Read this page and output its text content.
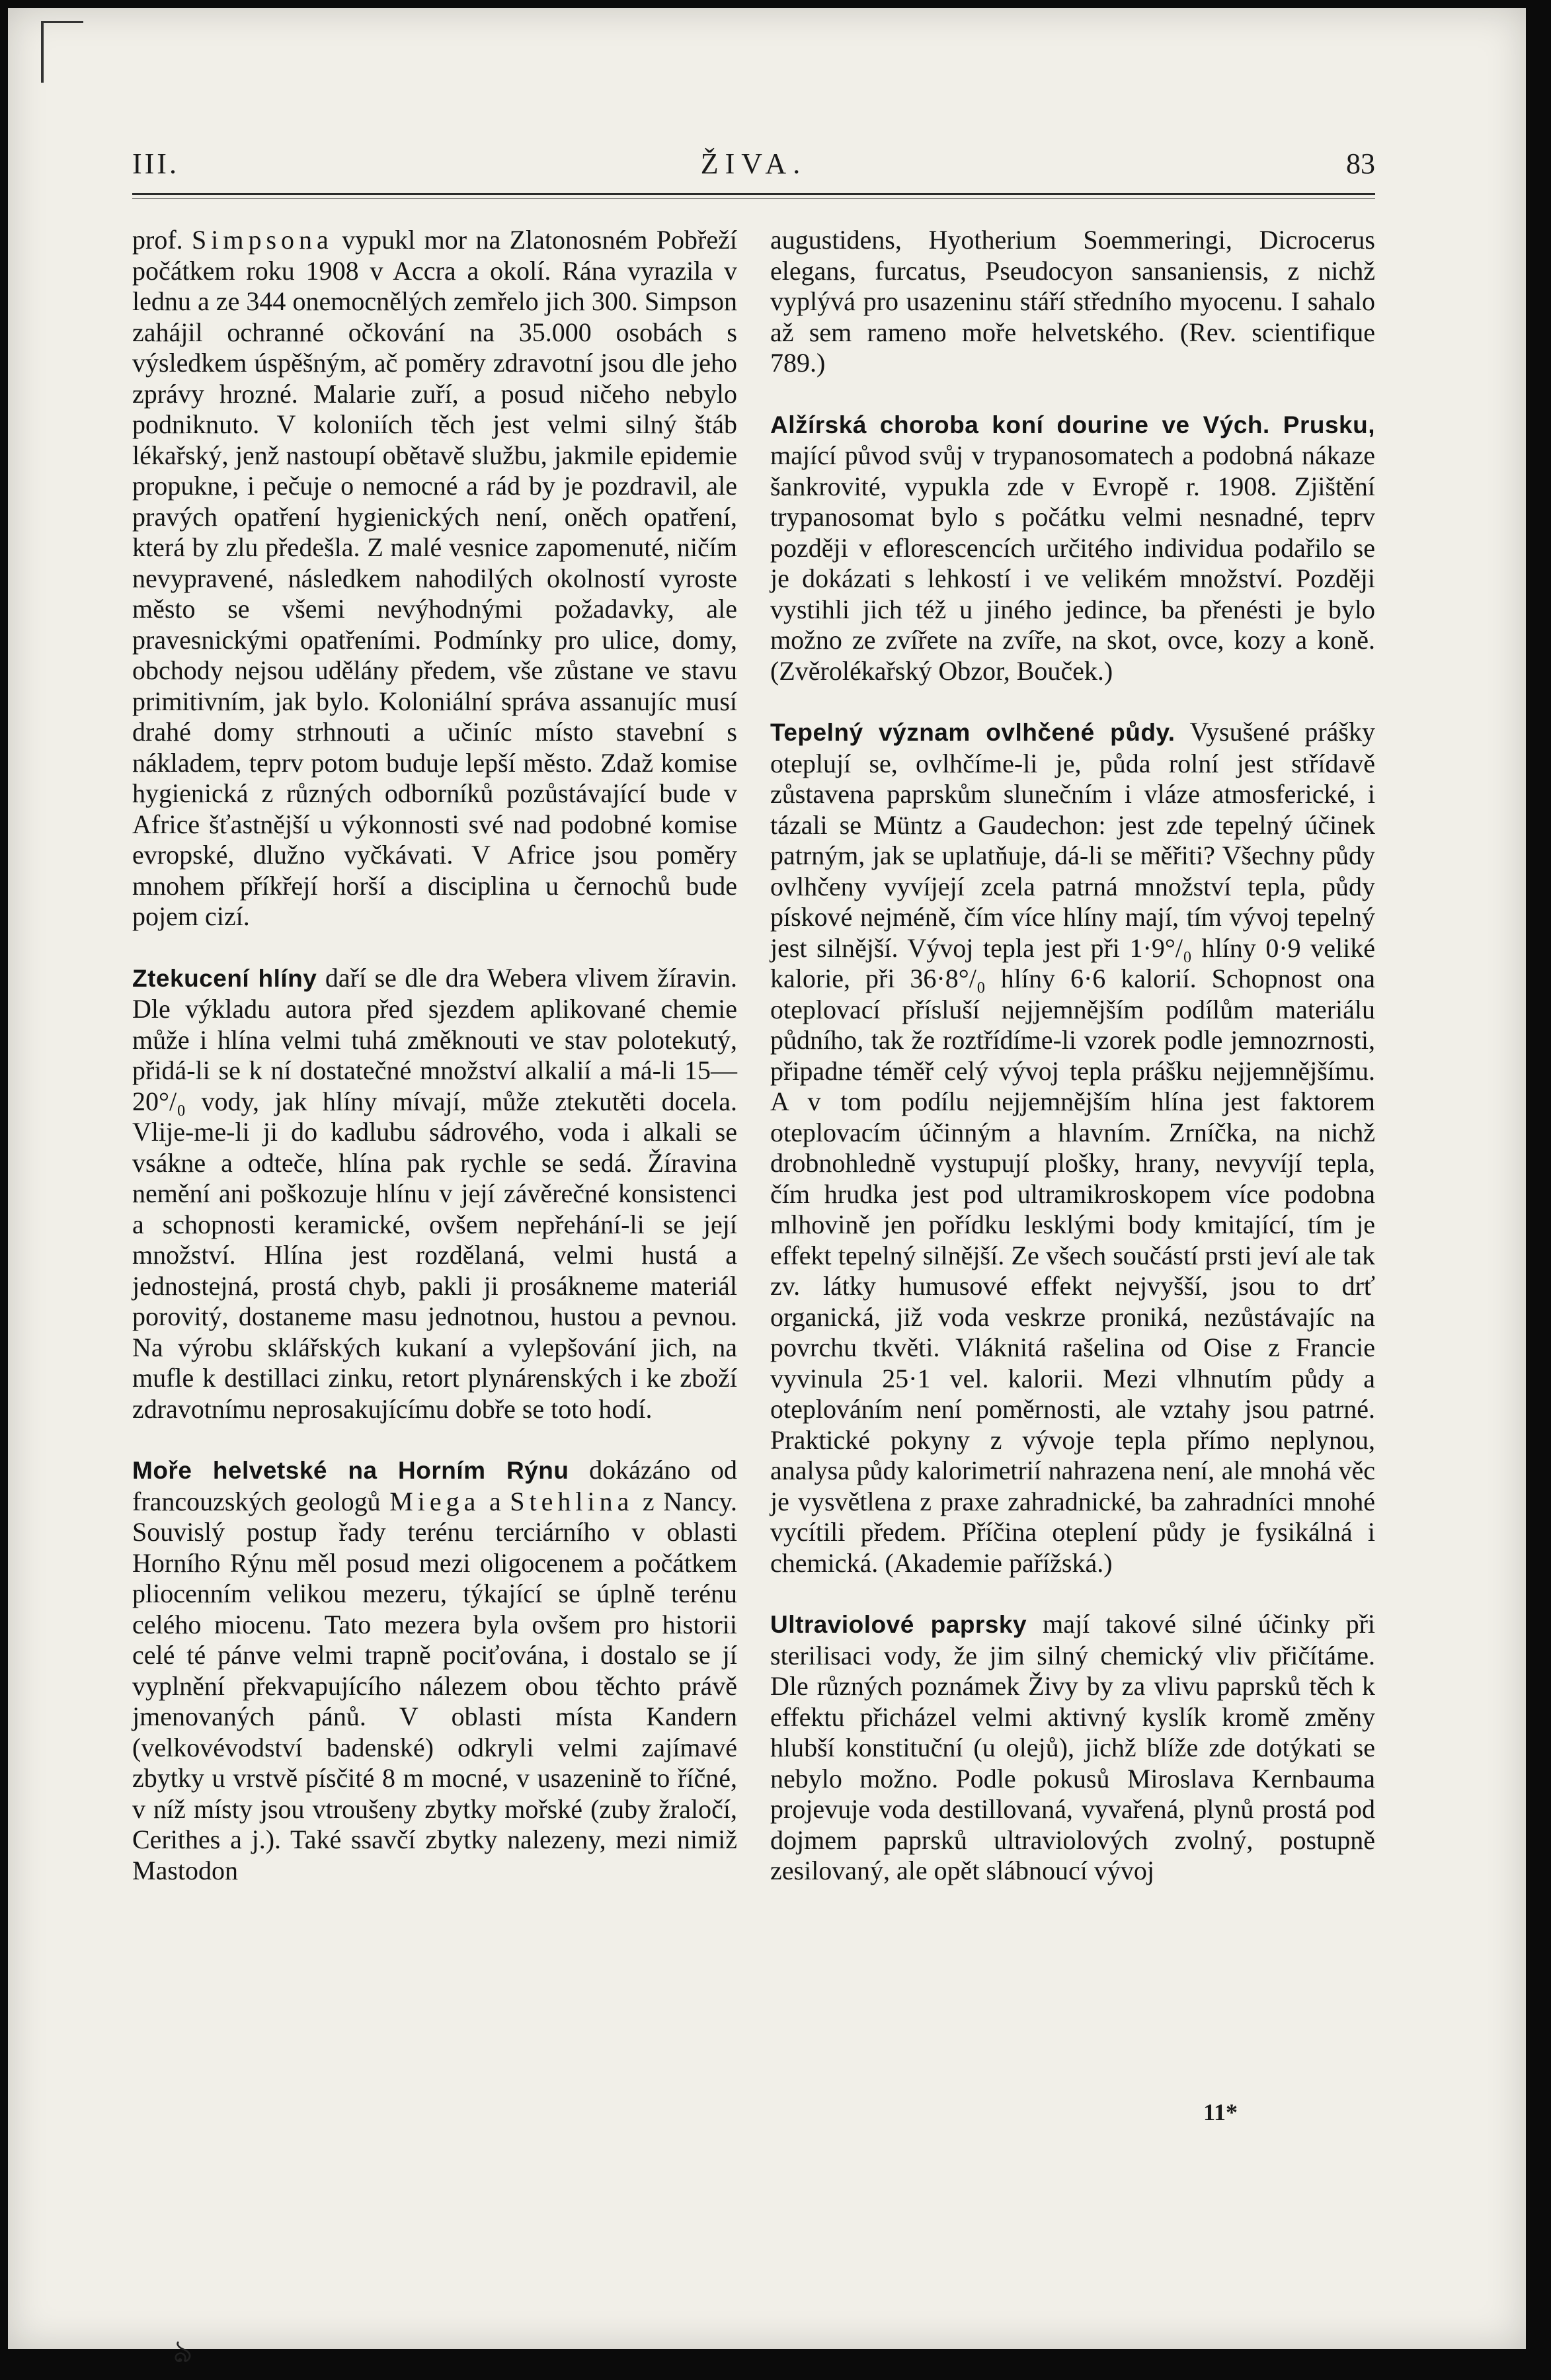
III.	ŽIVA.	83

prof. Simpsona vypukl mor na Zlatonosném Pobřeží počátkem roku 1908 v Accra a okolí. Rána vyrazila v lednu a ze 344 onemocnělých zemřelo jich 300. Simpson zahájil ochranné očkování na 35.000 osobách s výsledkem úspěšným, ač poměry zdravotní jsou dle jeho zprávy hrozné. Malarie zuří, a posud ničeho nebylo podniknuto. V koloniích těch jest velmi silný štáb lékařský, jenž nastoupí obětavě službu, jakmile epidemie propukne, i pečuje o nemocné a rád by je pozdravil, ale pravých opatření hygienických není, oněch opatření, která by zlu předešla. Z malé vesnice zapomenuté, ničím nevypravené, následkem nahodilých okolností vyroste město se všemi nevýhodnými požadavky, ale pravesnickými opatřeními. Podmínky pro ulice, domy, obchody nejsou udělány předem, vše zůstane ve stavu primitivním, jak bylo. Koloniální správa assanujíc musí drahé domy strhnouti a učiníc místo stavební s nákladem, teprv potom buduje lepší město. Zdaž komise hygienická z různých odborníků pozůstávající bude v Africe šťastnější u výkonnosti své nad podobné komise evropské, dlužno vyčkávati. V Africe jsou poměry mnohem příkřejí horší a disciplina u černochů bude pojem cizí.

Ztekucení hlíny daří se dle dra Webera vlivem žíravin. Dle výkladu autora před sjezdem aplikované chemie může i hlína velmi tuhá změknouti ve stav polotekutý, přidá-li se k ní dostatečné množství alkalií a má-li 15—20°/₀ vody, jak hlíny mívají, může ztekutěti docela. Vlije-me-li ji do kadlubu sádrového, voda i alkali se vsákne a odteče, hlína pak rychle se sedá. Žíravina nemění ani poškozuje hlínu v její závěrečné konsistenci a schopnosti keramické, ovšem nepřehání-li se její množství. Hlína jest rozdělaná, velmi hustá a jednostejná, prostá chyb, pakli ji prosákneme materiál porovitý, dostaneme masu jednotnou, hustou a pevnou. Na výrobu sklářských kukaní a vylepšování jich, na mufle k destillaci zinku, retort plynárenských i ke zboží zdravotnímu neprosakujícímu dobře se toto hodí.

Moře helvetské na Horním Rýnu dokázáno od francouzských geologů Miega a Stehlina z Nancy. Souvislý postup řady terénu terciárního v oblasti Horního Rýnu měl posud mezi oligocenem a počátkem pliocenním velikou mezeru, týkající se úplně terénu celého miocenu. Tato mezera byla ovšem pro historii celé té pánve velmi trapně pociťována, i dostalo se jí vyplnění překvapujícího nálezem obou těchto právě jmenovaných pánů. V oblasti místa Kandern (velkovévodství badenské) odkryli velmi zajímavé zbytky u vrstvě písčité 8 m mocné, v usazenině to říčné, v níž místy jsou vtroušeny zbytky mořské (zuby žraločí, Cerithes a j.). Také ssavčí zbytky nalezeny, mezi nimiž Mastodon

augustidens, Hyotherium Soemmeringi, Dicrocerus elegans, furcatus, Pseudocyon sansaniensis, z nichž vyplývá pro usazeninu stáří středního myocenu. I sahalo až sem rameno moře helvetského. (Rev. scientifique 789.)

Alžírská choroba koní dourine ve Vých. Prusku, mající původ svůj v trypanosomatech a podobná nákaze šankrovité, vypukla zde v Evropě r. 1908. Zjištění trypanosomat bylo s počátku velmi nesnadné, teprv později v eflorescencích určitého individua podařilo se je dokázati s lehkostí i ve velikém množství. Později vystihli jich též u jiného jedince, ba přenésti je bylo možno ze zvířete na zvíře, na skot, ovce, kozy a koně. (Zvěrolékařský Obzor, Bouček.)

Tepelný význam ovlhčené půdy. Vysušené prášky oteplují se, ovlhčíme-li je, půda rolní jest střídavě zůstavena paprskům slunečním i vláze atmosferické, i tázali se Müntz a Gaudechon: jest zde tepelný účinek patrným, jak se uplatňuje, dá-li se měřiti? Všechny půdy ovlhčeny vyvíjejí zcela patrná množství tepla, půdy pískové nejméně, čím více hlíny mají, tím vývoj tepelný jest silnější. Vývoj tepla jest při 1·9°/₀ hlíny 0·9 veliké kalorie, při 36·8°/₀ hlíny 6·6 kalorií. Schopnost ona oteplovací přísluší nejjemnějším podílům materiálu půdního, tak že roztřídíme-li vzorek podle jemnozrnosti, připadne téměř celý vývoj tepla prášku nejjemnějšímu. A v tom podílu nejjemnějším hlína jest faktorem oteplovacím účinným a hlavním. Zrníčka, na nichž drobnohledně vystupují plošky, hrany, nevyvíjí tepla, čím hrudka jest pod ultramikroskopem více podobna mlhovině jen pořídku lesklými body kmitající, tím je effekt tepelný silnější. Ze všech součástí prsti jeví ale tak zv. látky humusové effekt nejvyšší, jsou to drť organická, již voda veskrze proniká, nezůstávajíc na povrchu tkvěti. Vláknitá rašelina od Oise z Francie vyvinula 25·1 vel. kalorii. Mezi vlhnutím půdy a oteplováním není poměrnosti, ale vztahy jsou patrné. Praktické pokyny z vývoje tepla přímo neplynou, analysa půdy kalorimetrií nahrazena není, ale mnohá věc je vysvětlena z praxe zahradnické, ba zahradníci mnohé vycítili předem. Příčina oteplení půdy je fysikálná i chemická. (Akademie pařížská.)

Ultraviolové paprsky mají takové silné účinky při sterilisaci vody, že jim silný chemický vliv přičítáme. Dle různých poznámek Živy by za vlivu paprsků těch k effektu přicházel velmi aktivný kyslík kromě změny hlubší konstituční (u olejů), jichž blíže zde dotýkati se nebylo možno. Podle pokusů Miroslava Kernbauma projevuje voda destillovaná, vyvařená, plynů prostá pod dojmem paprsků ultraviolových zvolný, postupně zesilovaný, ale opět slábnoucí vývoj

11*
ঌ
